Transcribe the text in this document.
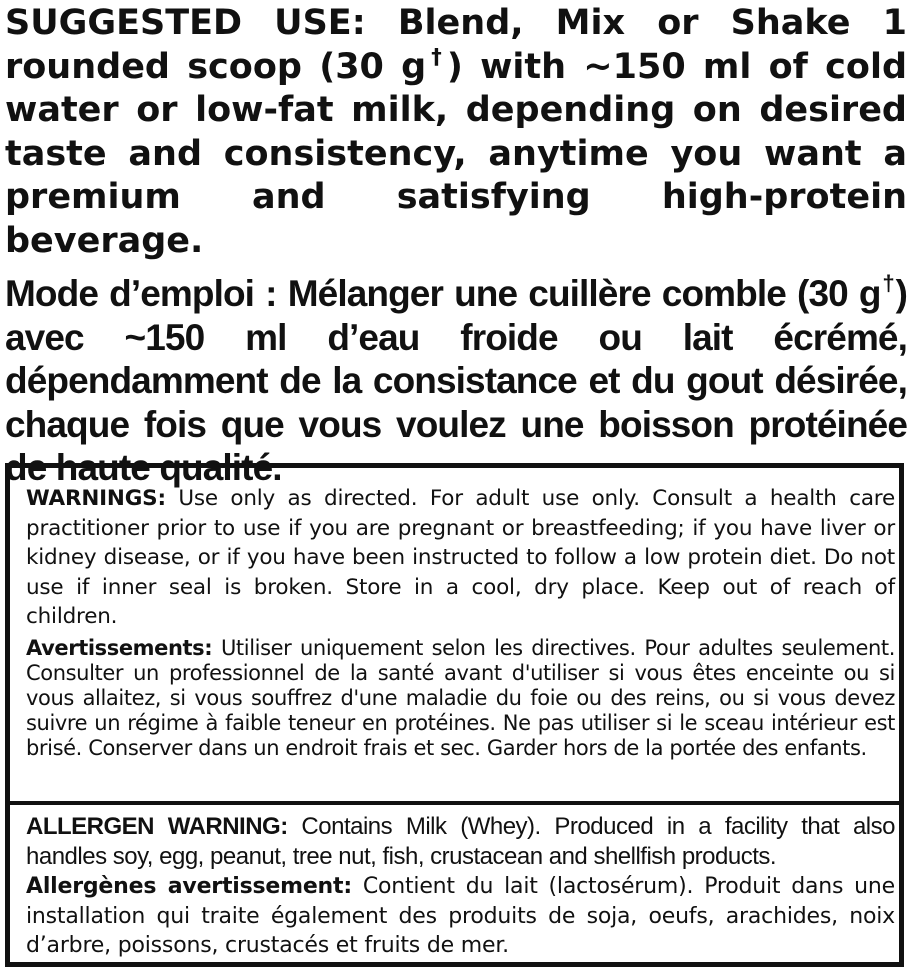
SUGGESTED USE: Blend, Mix or Shake 1 rounded scoop (30 g†) with ~150 ml of cold water or low-fat milk, depending on desired taste and consistency, anytime you want a premium and satisfying high-protein beverage.

Mode d’emploi : Mélanger une cuillère comble (30 g†) avec ~150 ml d’eau froide ou lait écrémé, dépendamment de la consistance et du gout désirée, chaque fois que vous voulez une boisson protéinée de haute qualité.

WARNINGS: Use only as directed. For adult use only. Consult a health care practitioner prior to use if you are pregnant or breastfeeding; if you have liver or kidney disease, or if you have been instructed to follow a low protein diet. Do not use if inner seal is broken. Store in a cool, dry place. Keep out of reach of children.

Avertissements: Utiliser uniquement selon les directives. Pour adultes seulement. Consulter un professionnel de la santé avant d'utiliser si vous êtes enceinte ou si vous allaitez, si vous souffrez d'une maladie du foie ou des reins, ou si vous devez suivre un régime à faible teneur en protéines. Ne pas utiliser si le sceau intérieur est brisé. Conserver dans un endroit frais et sec. Garder hors de la portée des enfants.

ALLERGEN WARNING: Contains Milk (Whey). Produced in a facility that also handles soy, egg, peanut, tree nut, fish, crustacean and shellfish products.

Allergènes avertissement: Contient du lait (lactosérum). Produit dans une installation qui traite également des produits de soja, oeufs, arachides, noix d’arbre, poissons, crustacés et fruits de mer.
